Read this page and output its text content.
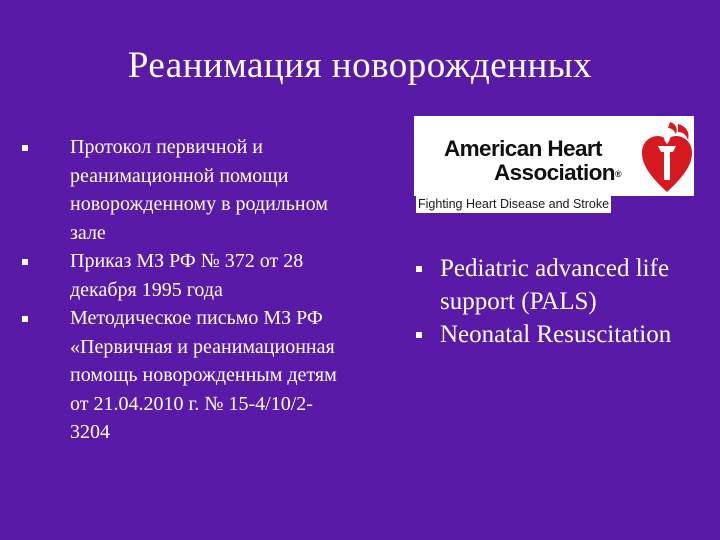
Реанимация новорожденных
Протокол первичной и реанимационной помощи новорожденному в родильном зале
Приказ МЗ РФ № 372 от 28 декабря 1995 года
Методическое письмо МЗ РФ «Первичная и реанимационная помощь новорожденным детям от 21.04.2010 г. № 15-4/10/2-3204
American Heart
Association®
Fighting Heart Disease and Stroke
Pediatric advanced life support (PALS)
Neonatal Resuscitation
